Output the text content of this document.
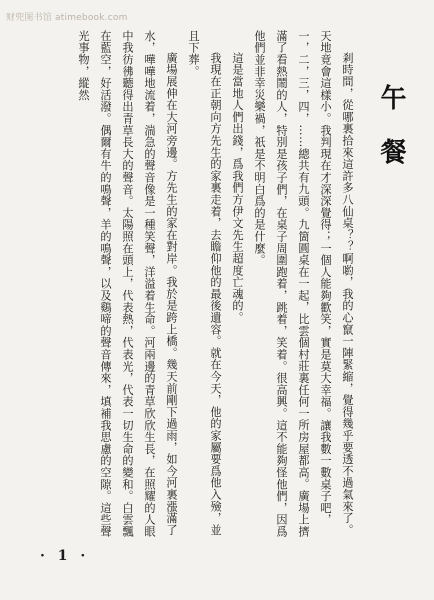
财兜图书馆 atimebook.com
午餐

剎時間，從哪裏拾來這許多八仙桌？？啊喲，我的心竄一陣緊縮，覺得幾乎要透不過氣來了。天地竟會這樣小。我判現在才深深覺得；一個人能夠歡笑，實是莫大幸福。讓我數一數桌子吧，一，二，三，四，……總共有九頭。九箇圓桌在一起，比雲個村莊裏任何一所房屋都高。廣場上擠滿了看熱鬧的人，特別是孩子們，在桌子周圍跑着，跳着，笑着。很高興。這不能夠怪他們，因爲他們並非幸災樂禍，祇是不明白爲的是什麼。

這是當地人們出錢，爲我們方伊文先生超度亡魂的。

我現在正朝向方先生的家裏走着，去瞻仰他的最後遺容。就在今天，他的家屬要爲他入殮，並且下葬。

廣場展伸在大河旁邊。方先生的家在對岸。我於是跨上橋。幾天前剛下過雨，如今河裏漲滿了水，嘩嘩地流着，湍急的聲音像是一種笑聲，洋溢着生命。河兩邊的青草欣欣生長，在照耀的人眼中我彷彿聽得出青草長大的聲音。太陽照在頭上，代表熱，代表光，代表一切生命的變和。白雲飄在藍空，好活潑。偶爾有牛的鳴聲，羊的鳴聲，以及鷄啼的聲音傳來，填補我思慮的空隙。這些聲光事物，縱然

· 1 ·
